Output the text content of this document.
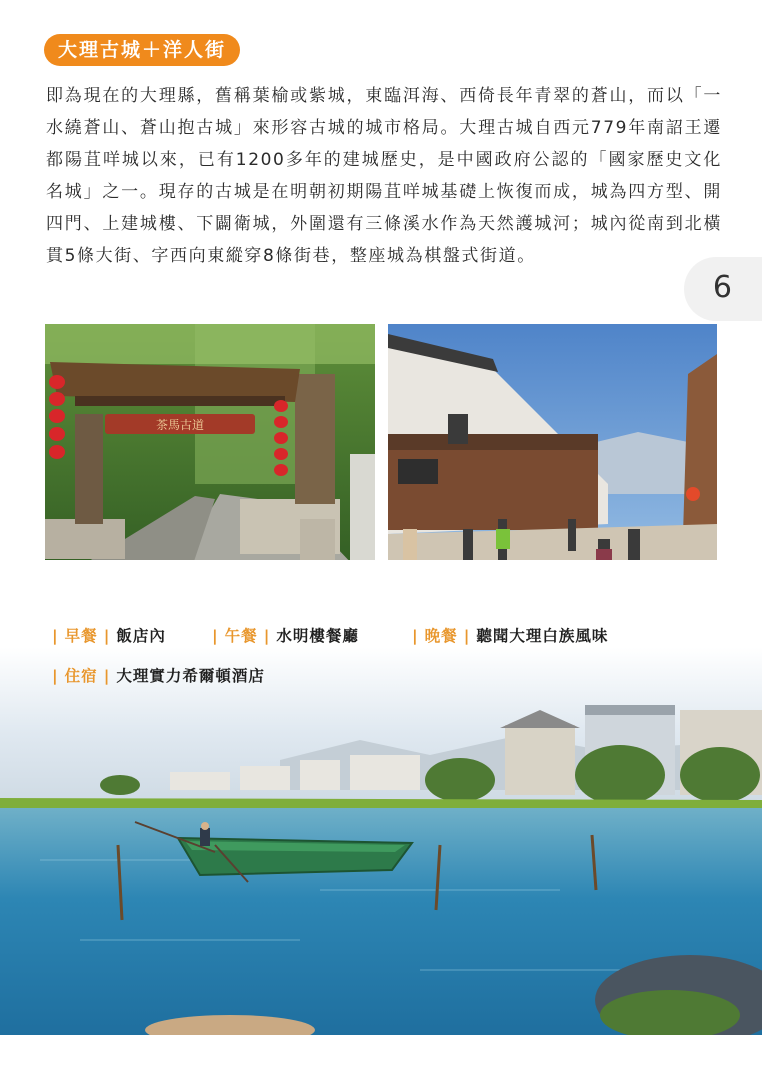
大理古城＋洋人街

即為現在的大理縣，舊稱葉榆或紫城，東臨洱海、西倚長年青翠的蒼山，而以「一水繞蒼山、蒼山抱古城」來形容古城的城市格局。大理古城自西元779年南詔王遷都陽苴咩城以來，已有1200多年的建城歷史，是中國政府公認的「國家歷史文化名城」之一。現存的古城是在明朝初期陽苴咩城基礎上恢復而成，城為四方型、開四門、上建城樓、下闢衛城，外圍還有三條溪水作為天然護城河；城內從南到北橫貫5條大街、字西向東縱穿8條街巷，整座城為棋盤式街道。

6
茶馬古道
| 早餐 | 飯店內	| 午餐 | 水明樓餐廳	| 晚餐 | 聽聞大理白族風味
| 住宿 | 大理實力希爾頓酒店
